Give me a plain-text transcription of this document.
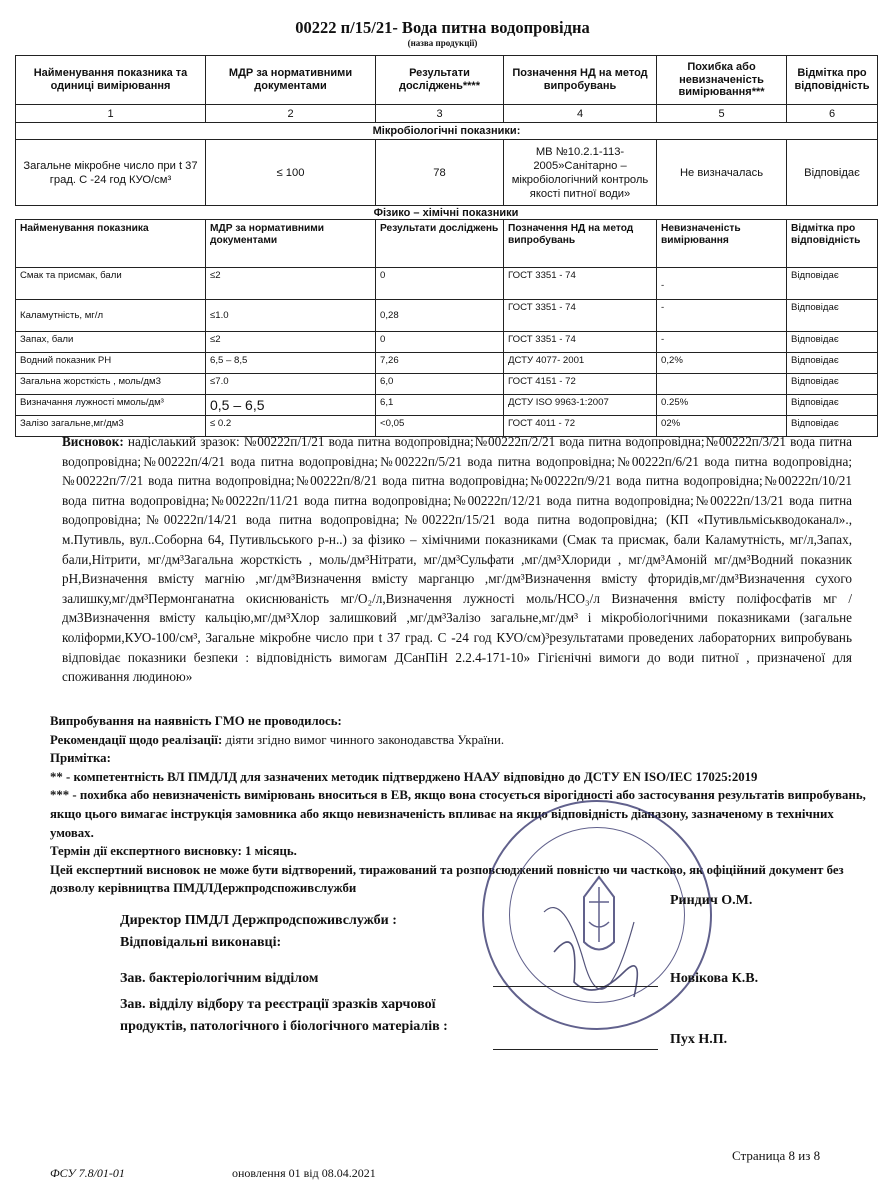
00222 п/15/21- Вода питна водопровідна
(назва продукції)
Найменування показника та одиниці вимірювання	МДР за нормативними документами	Результати досліджень****	Позначення НД на метод випробувань	Похибка або невизначеність вимірювання***	Відмітка про відповідність
1	2	3	4	5	6
Мікробіологічні показники:					
Загальне мікробне число при t 37 град. С -24 год КУО/см³	≤ 100	78	МВ №10.2.1-113-2005»Санітарно – мікробіологічний контроль якості питної води»	Не визначалась	Відповідає
Фізико – хімічні показники
Найменування показника	МДР за нормативними документами	Результати досліджень	Позначення НД на метод випробувань	Невизначеність вимірювання	Відмітка про відповідність
Смак та присмак, бали	≤2	0	ГОСТ 3351 - 74	-	Відповідає
Каламутність, мг/л	≤1.0	0,28	ГОСТ 3351 - 74	-	Відповідає
Запах, бали	≤2	0	ГОСТ 3351 - 74	-	Відповідає
Водний показник РН	6,5 – 8,5	7,26	ДСТУ 4077- 2001	0,2%	Відповідає
Загальна жорсткість , моль/дм3	≤7.0	6,0	ГОСТ 4151 - 72		Відповідає
Визначання лужності ммоль/дм³	0,5 – 6,5	6,1	ДСТУ ISO 9963-1:2007	0.25%	Відповідає
Залізо загальне,мг/дм3	≤ 0.2	<0,05	ГОСТ 4011 - 72	02%	Відповідає
Висновок: надіслаький зразок: №00222п/1/21 вода питна водопровідна;№00222п/2/21 вода питна водопровідна;№00222п/3/21 вода питна водопровідна;№00222п/4/21 вода питна водопровідна;№00222п/5/21 вода питна водопровідна;№00222п/6/21 вода питна водопровідна;№00222п/7/21 вода питна водопровідна;№00222п/8/21 вода питна водопровідна;№00222п/9/21 вода питна водопровідна;№00222п/10/21 вода питна водопровідна;№00222п/11/21 вода питна водопровідна;№00222п/12/21 вода питна водопровідна;№00222п/13/21 вода питна водопровідна;№00222п/14/21 вода питна водопровідна;№00222п/15/21 вода питна водопровідна; (КП «Путивльміськводоканал»., м.Путивль, вул..Соборна 64, Путивльського р-н..) за фізико – хімічними показниками (Смак та присмак, бали Каламутність, мг/л,Запах, бали,Нітрити, мг/дм³Загальна жорсткість , моль/дм³Нітрати, мг/дм³Сульфати ,мг/дм³Хлориди , мг/дм³Амоній мг/дм³Водний показник рН,Визначення вмісту магнію ,мг/дм³Визначення вмісту марганцю ,мг/дм³Визначення вмісту фторидів,мг/дм³Визначення сухого залишку,мг/дм³Пермонганатна окиснюваність мг/О₂/л,Визначення лужності моль/НСО₃/л Визначення вмісту поліфосфатів мг /дм3Визначення вмісту кальцію,мг/дм³Хлор залишковий ,мг/дм³Залізо загальне,мг/дм³ і мікробіологічними показниками (загальне коліформи,КУО-100/см³, Загальне мікробне число при t 37 град. С -24 год КУО/см)³результатами проведених лабораторних випробувань відповідає показники безпеки : відповідність вимогам ДСанПіН 2.2.4-171-10» Гігієнічні вимоги до води питної , призначеної для споживання людиною»

Випробування на наявність ГМО не проводилось:

Рекомендації щодо реалізації: діяти згідно вимог чинного законодавства України.

Примітка:

** - компетентність ВЛ ПМДЛД для зазначених методик підтверджено НААУ відповідно до ДСТУ EN ISO/IEC 17025:2019

*** - похибка або невизначеність вимірювань вноситься в ЕВ, якщо вона стосується вірогідності або застосування результатів випробувань, якщо цього вимагає інструкція замовника або якщо невизначеність впливає на якщо відповідність діапазону, зазначеному в технічних умовах.

Термін дії експертного висновку: 1 місяць.

Цей експертний висновок не може бути відтворений, тиражований та розповсюджений повністю чи частково, як офіційний документ без дозволу керівництва ПМДЛДержпродспоживслужби

Риндич О.М.
Директор ПМДЛ Держпродспоживслужби :
Відповідальні виконавці:
Зав. бактеріологічним відділом	Новікова К.В.
Зав. відділу відбору та реєстрації зразків харчової продуктів, патологічного і біологічного матеріалів :
Пух Н.П.
ФСУ 7.8/01-01	оновлення 01 від 08.04.2021
Страница 8 из 8
